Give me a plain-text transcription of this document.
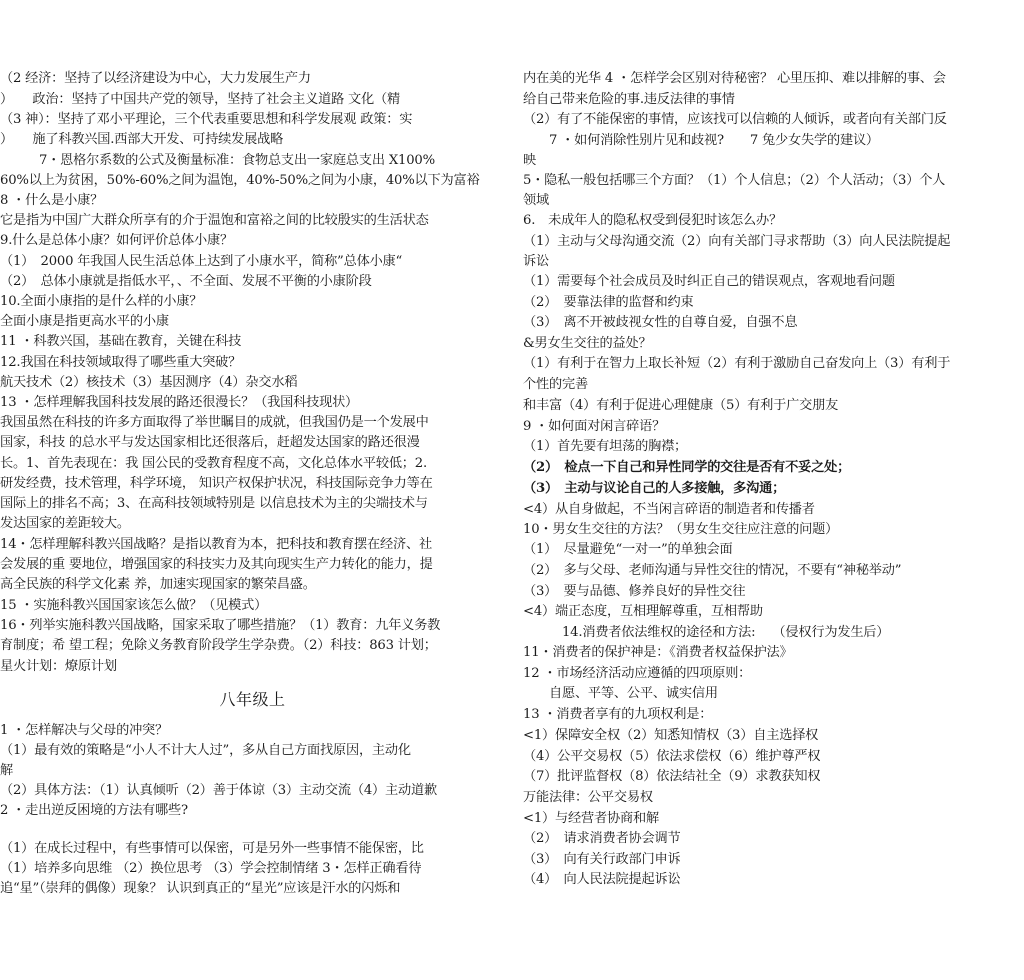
（2 经济：坚持了以经济建设为中心，大力发展生产力
）　　政治：坚持了中国共产党的领导，坚持了社会主义道路 文化（精
（3 神）：坚持了邓小平理论，三个代表重要思想和科学发展观 政策：实
）　　施了科教兴国.西部大开发、可持续发展战略
　　　7・恩格尔系数的公式及衡量标准：食物总支出一家庭总支出 X100%
60%以上为贫困，50%-60%之间为温饱，40%-50%之间为小康，40%以下为富裕
8 ・什么是小康？
它是指为中国广大群众所享有的介于温饱和富裕之间的比较殷实的生活状态
9.什么是总体小康？如何评价总体小康？
（1）　2000 年我国人民生活总体上达到了小康水平，简称”总体小康“
（2）　总体小康就是指低水平，、不全面、发展不平衡的小康阶段
10.全面小康指的是什么样的小康？
全面小康是指更高水平的小康
11 ・科教兴国，基础在教育，关键在科技
12.我国在科技领域取得了哪些重大突破？
航天技术（2）核技术（3）基因测序（4）杂交水稻
13 ・怎样理解我国科技发展的路还很漫长？（我国科技现状）
我国虽然在科技的许多方面取得了举世瞩目的成就，但我国仍是一个发展中
国家，科技 的总水平与发达国家相比还很落后，赶超发达国家的路还很漫
长。1、首先表现在：我 国公民的受教育程度不高，文化总体水平较低；2.
研发经费，技术管理，科学环境， 知识产权保护状况，科技国际竞争力等在
国际上的排名不高；3、在高科技领域特别是 以信息技术为主的尖端技术与
发达国家的差距较大。
14・怎样理解科教兴国战略？是指以教育为本，把科技和教育摆在经济、社
会发展的重 要地位，增强国家的科技实力及其向现实生产力转化的能力，提
高全民族的科学文化素 养，加速实现国家的繁荣昌盛。
15 ・实施科教兴国国家该怎么做？（见模式）
16・列举实施科教兴国战略，国家采取了哪些措施？（1）教育：九年义务教
育制度；希 望工程；免除义务教育阶段学生学杂费。（2）科技：863 计划；
星火计划：燎原计划
八年级上
1 ・怎样解决与父母的冲突？
（1）最有效的策略是“小人不计大人过”，多从自己方面找原因，主动化
解
（2）具体方法：（1）认真倾听（2）善于体谅（3）主动交流（4）主动道歉
2 ・走出逆反困境的方法有哪些?
（1）在成长过程中，有些事情可以保密，可是另外一些事情不能保密，比
（1）培养多向思维 （2）换位思考 （3）学会控制情绪 3・怎样正确看待
追“星”（崇拜的偶像）现象？ 认识到真正的“星光”应该是汗水的闪烁和
内在美的光华 4 ・怎样学会区别对待秘密？ 心里压抑、难以排解的事、会
给自己带来危险的事.违反法律的事情
（2）有了不能保密的事情，应该找可以信赖的人倾诉，或者向有关部门反
　　7 ・如何消除性别片见和歧视?　　7 兔少女失学的建议）
映
5・隐私一般包括哪三个方面？（1）个人信息；（2）个人活动；（3）个人
领域
6.　未成年人的隐私权受到侵犯时该怎么办？
（1）主动与父母沟通交流（2）向有关部门寻求帮助（3）向人民法院提起
诉讼
（1）需要每个社会成员及时纠正自己的错误观点，客观地看问题
（2）　要靠法律的监督和约束
（3）　离不开被歧视女性的自尊自爱，自强不息
&男女生交往的益处？
（1）有利于在智力上取长补短（2）有利于激励自己奋发向上（3）有利于
个性的完善
和丰富（4）有利于促进心理健康（5）有利于广交朋友
9 ・如何面对闲言碎语？
（1）首先要有坦荡的胸襟；
（2）　检点一下自己和异性同学的交往是否有不妥之处；
（3）　主动与议论自己的人多接触，多沟通；
<4）从自身做起，不当闲言碎语的制造者和传播者
10・男女生交往的方法？（男女生交往应注意的问题）
（1）　尽量避免“一对一”的单独会面
（2）　多与父母、老师沟通与异性交往的情况，不要有“神秘举动”
（3）　要与品德、修养良好的异性交往
<4）端正态度，互相理解尊重，互相帮助
　　　14.消费者依法维权的途径和方法:　 （侵权行为发生后）
11・消费者的保护神是：《消费者权益保护法》
12 ・市场经济活动应遵循的四项原则：
　　自愿、平等、公平、诚实信用
13 ・消费者享有的九项权利是：
<1）保障安全权（2）知悉知情权（3）自主选择权
（4）公平交易权（5）依法求偿权（6）维护尊严权
（7）批评监督权（8）依法结社全（9）求教获知权
万能法律：公平交易权
<1）与经营者协商和解
（2）　请求消费者协会调节
（3）　向有关行政部门申诉
（4）　向人民法院提起诉讼
